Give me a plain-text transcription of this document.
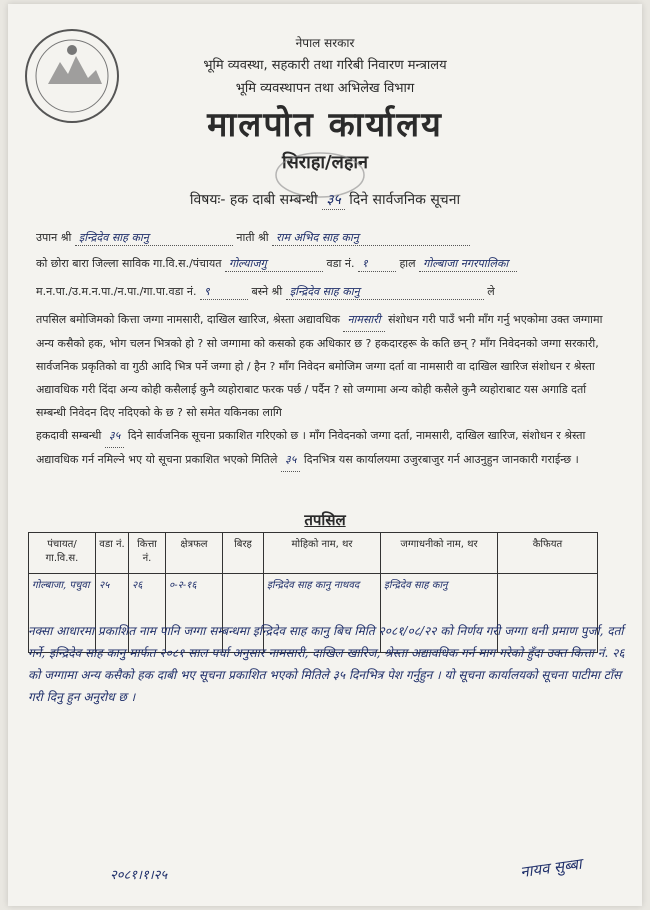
नेपाल सरकार
भूमि व्यवस्था, सहकारी तथा गरिबी निवारण मन्त्रालय
भूमि व्यवस्थापन तथा अभिलेख विभाग
मालपोत कार्यालय
सिराहा/लहान
विषयः- हक दाबी सम्बन्धी ३५ दिने सार्वजनिक सूचना
उपान श्री इन्द्रिदेव साह कानु	नाती श्री राम अभिद साह कानु
को छोरा बारा जिल्ला साविक गा.वि.स./पंचायत गोल्याजगु	वडा नं. १	हाल गोल्बाजा नगरपालिका
म.न.पा./उ.म.न.पा./न.पा./गा.पा.वडा नं. ९	बस्ने श्री इन्द्रिदेव साह कानु	ले
तपसिल बमोजिमको कित्ता जग्गा नामसारी, दाखिल खारिज, श्रेस्ता अद्यावधिक नामसारी संशोधन गरी पाउँ भनी माँग गर्नु भएकोमा उक्त जग्गामा अन्य कसैको हक, भोग चलन भित्रको हो ? सो जग्गामा को कसको हक अधिकार छ ? हकदारहरू के कति छन् ? माँग निवेदनको जग्गा सरकारी, सार्वजनिक प्रकृतिको वा गुठी आदि भित्र पर्ने जग्गा हो / हैन ? माँग निवेदन बमोजिम जग्गा दर्ता वा नामसारी वा दाखिल खारिज संशोधन र श्रेस्ता अद्यावधिक गरी दिंदा अन्य कोही कसैलाई कुनै व्यहोराबाट फरक पर्छ / पर्दैन ? सो जग्गामा अन्य कोही कसैले कुनै व्यहोराबाट यस अगाडि दर्ता सम्बन्धी निवेदन दिए नदिएको के छ ? सो समेत यकिनका लागि
हकदावी सम्बन्धी ३५ दिने सार्वजनिक सूचना प्रकाशित गरिएको छ । माँग निवेदनको जग्गा दर्ता, नामसारी, दाखिल खारिज, संशोधन र श्रेस्ता अद्यावधिक गर्न नमिल्ने भए यो सूचना प्रकाशित भएको मितिले ३५ दिनभित्र यस कार्यालयमा उजुरबाजुर गर्न आउनुहुन जानकारी गराईन्छ ।
तपसिल
पंचायत/ गा.वि.स.	वडा नं.	कित्ता नं.	क्षेत्रफल	बिरह	मोहिको नाम, थर	जग्गाधनीको नाम, थर	कैफियत
गोल्बाजा, पचुवा	२५	२६	०-२-१६		इन्द्रिदेव साह कानु नाथवद	इन्द्रिदेव साह कानु	
नक्सा आधारमा प्रकाशित नाम पानि जग्गा सम्बन्धमा इन्द्रिदेव साह कानु बिच मिति २०८१/०८/२२ को निर्णय गरी जग्गा धनी प्रमाण पुर्जा, दर्ता गर्ने, इन्द्रिदेव साह कानु मार्फत २०८१ साल पर्चा अनुसार नामसारी, दाखिल खारिज, श्रेस्ता अद्यावधिक गर्न माग गरेको हुँदा उक्त कित्ता नं. २६ को जग्गामा अन्य कसैको हक दाबी भए सूचना प्रकाशित भएको मितिले ३५ दिनभित्र पेश गर्नुहुन । यो सूचना कार्यालयको सूचना पाटीमा टाँस गरी दिनु हुन अनुरोध छ ।
२०८१।१।२५	नायव सुब्बा
